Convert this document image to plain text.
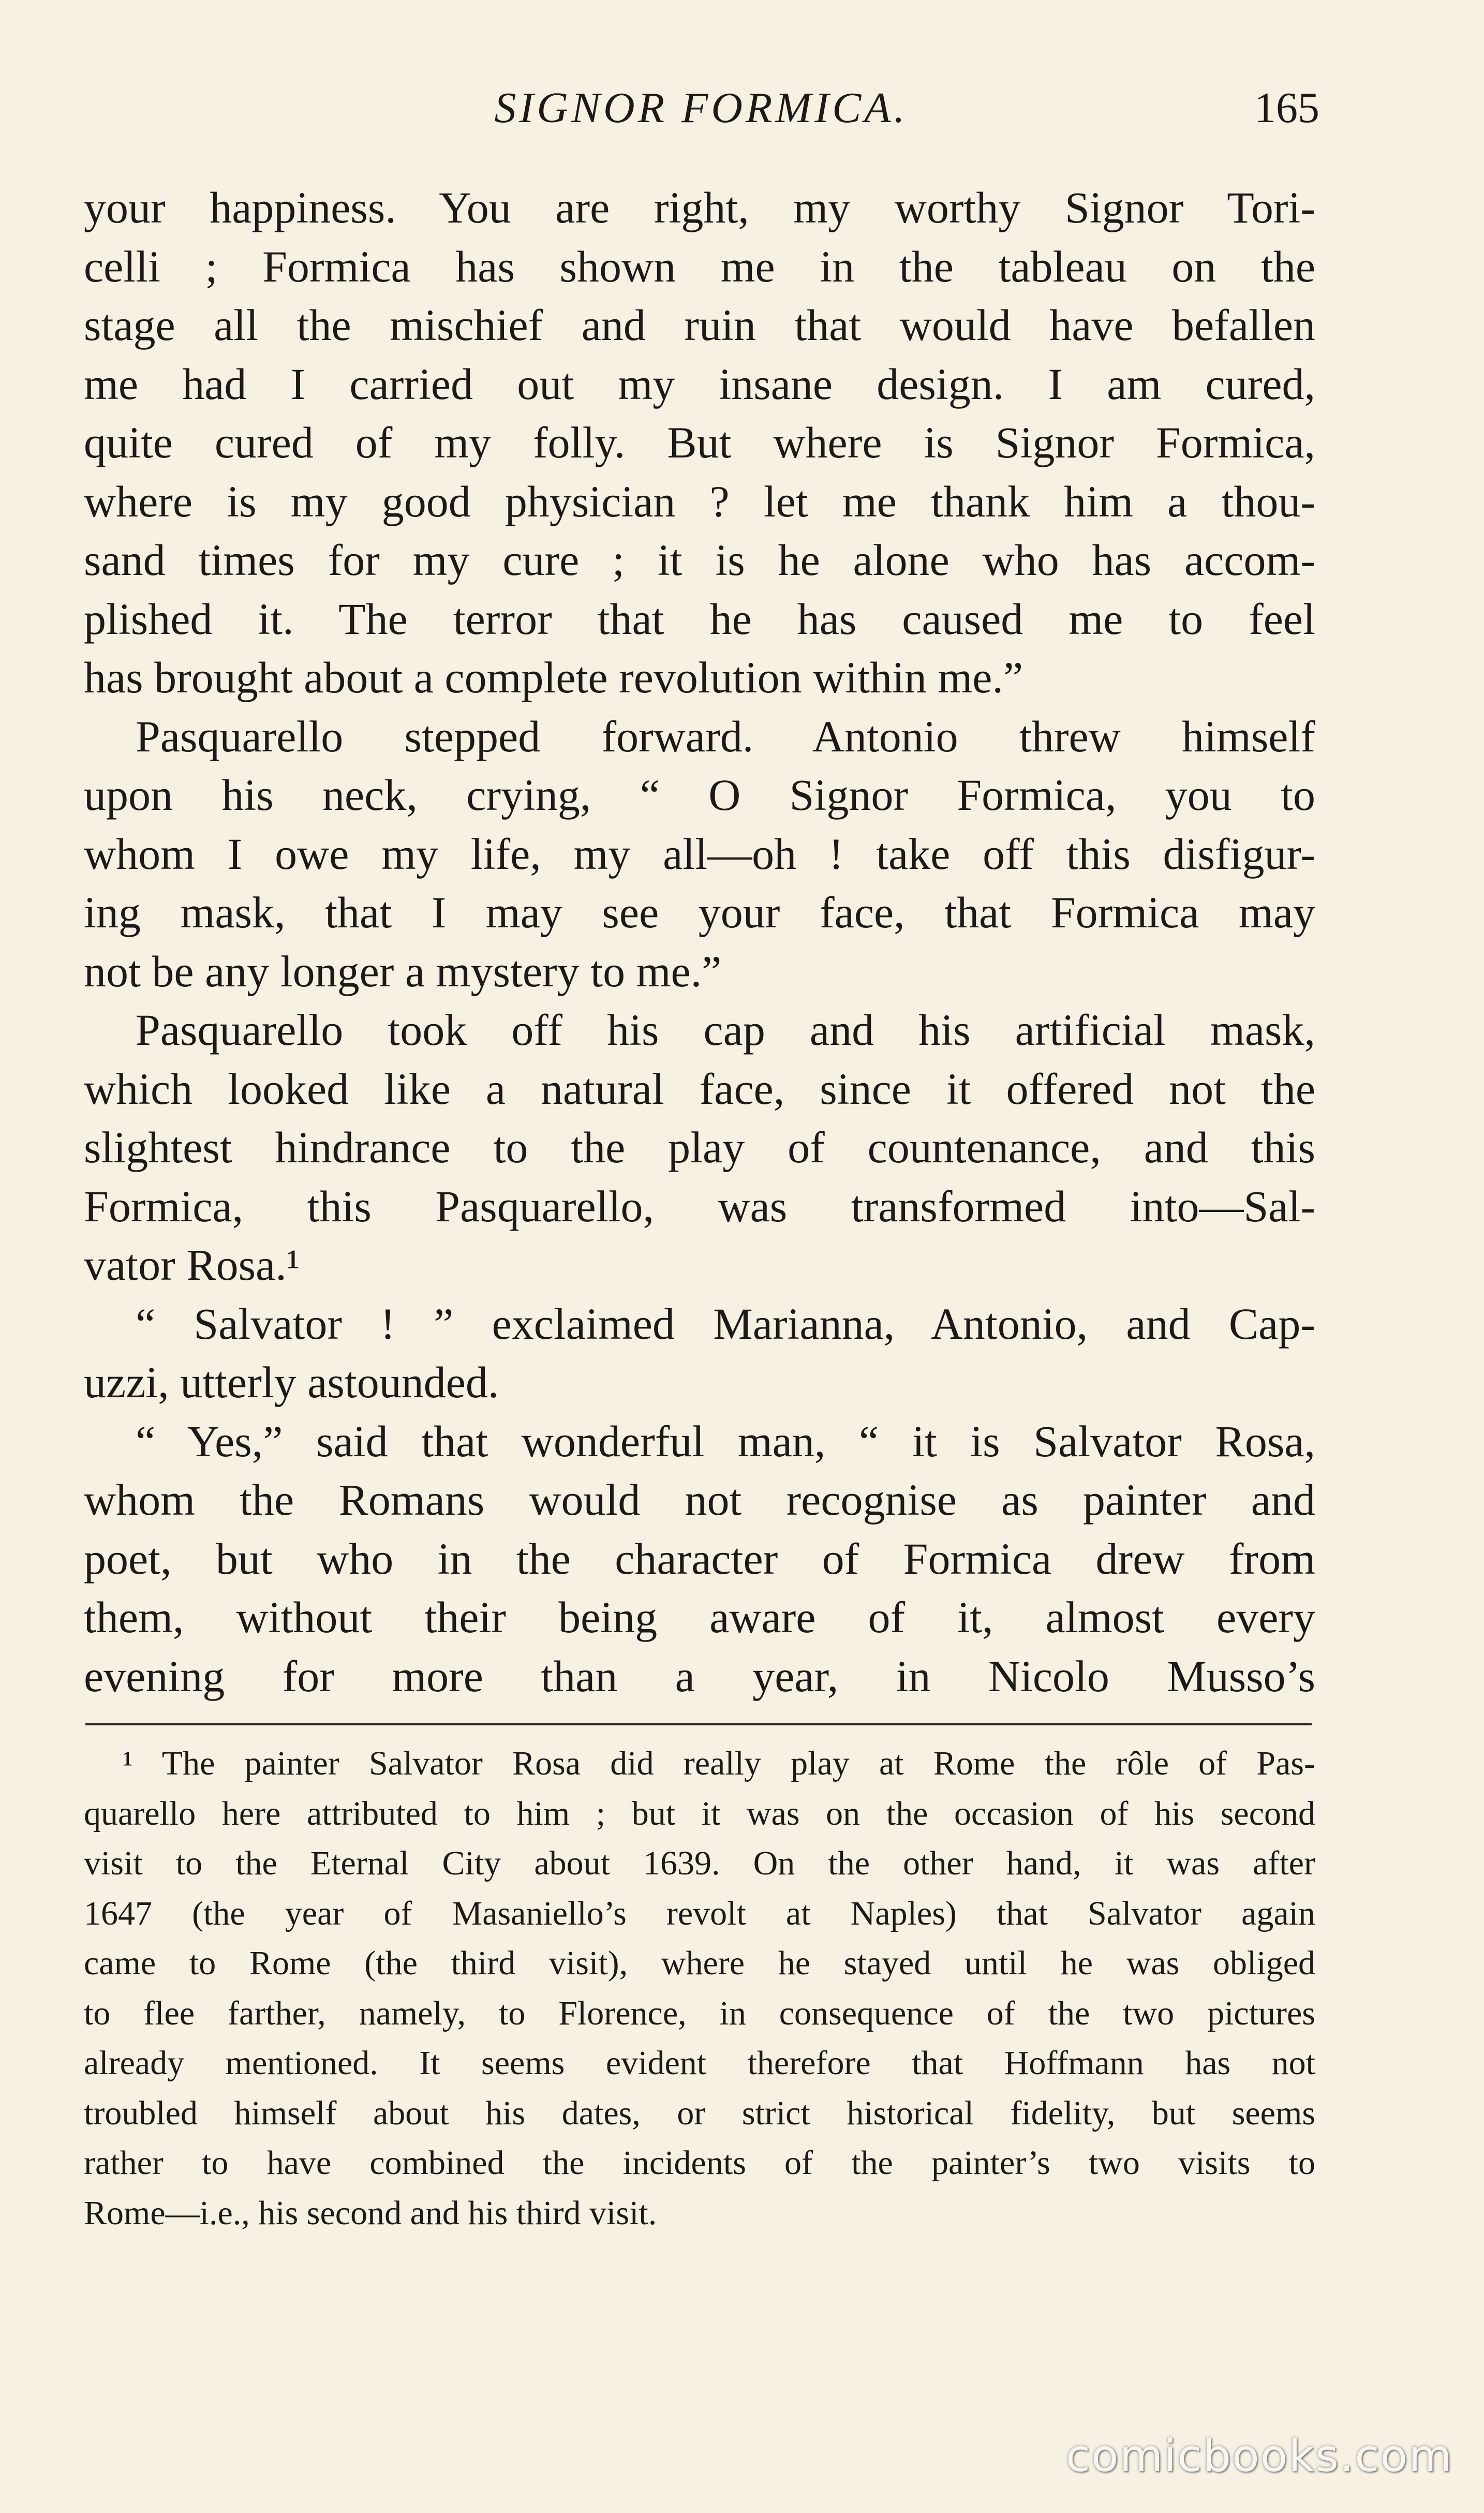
SIGNOR FORMICA.	165
your happiness. You are right, my worthy Signor Tori-
celli ; Formica has shown me in the tableau on the
stage all the mischief and ruin that would have befallen
me had I carried out my insane design. I am cured,
quite cured of my folly. But where is Signor Formica,
where is my good physician ? let me thank him a thou-
sand times for my cure ; it is he alone who has accom-
plished it. The terror that he has caused me to feel
has brought about a complete revolution within me.”
Pasquarello stepped forward. Antonio threw himself
upon his neck, crying, “ O Signor Formica, you to
whom I owe my life, my all—oh ! take off this disfigur-
ing mask, that I may see your face, that Formica may
not be any longer a mystery to me.”
Pasquarello took off his cap and his artificial mask,
which looked like a natural face, since it offered not the
slightest hindrance to the play of countenance, and this
Formica, this Pasquarello, was transformed into—Sal-
vator Rosa.¹
“ Salvator ! ” exclaimed Marianna, Antonio, and Cap-
uzzi, utterly astounded.
“ Yes,” said that wonderful man, “ it is Salvator Rosa,
whom the Romans would not recognise as painter and
poet, but who in the character of Formica drew from
them, without their being aware of it, almost every
evening for more than a year, in Nicolo Musso’s
¹ The painter Salvator Rosa did really play at Rome the rôle of Pas-
quarello here attributed to him ; but it was on the occasion of his second
visit to the Eternal City about 1639. On the other hand, it was after
1647 (the year of Masaniello’s revolt at Naples) that Salvator again
came to Rome (the third visit), where he stayed until he was obliged
to flee farther, namely, to Florence, in consequence of the two pictures
already mentioned. It seems evident therefore that Hoffmann has not
troubled himself about his dates, or strict historical fidelity, but seems
rather to have combined the incidents of the painter’s two visits to
Rome—i.e., his second and his third visit.
comicbooks.com
